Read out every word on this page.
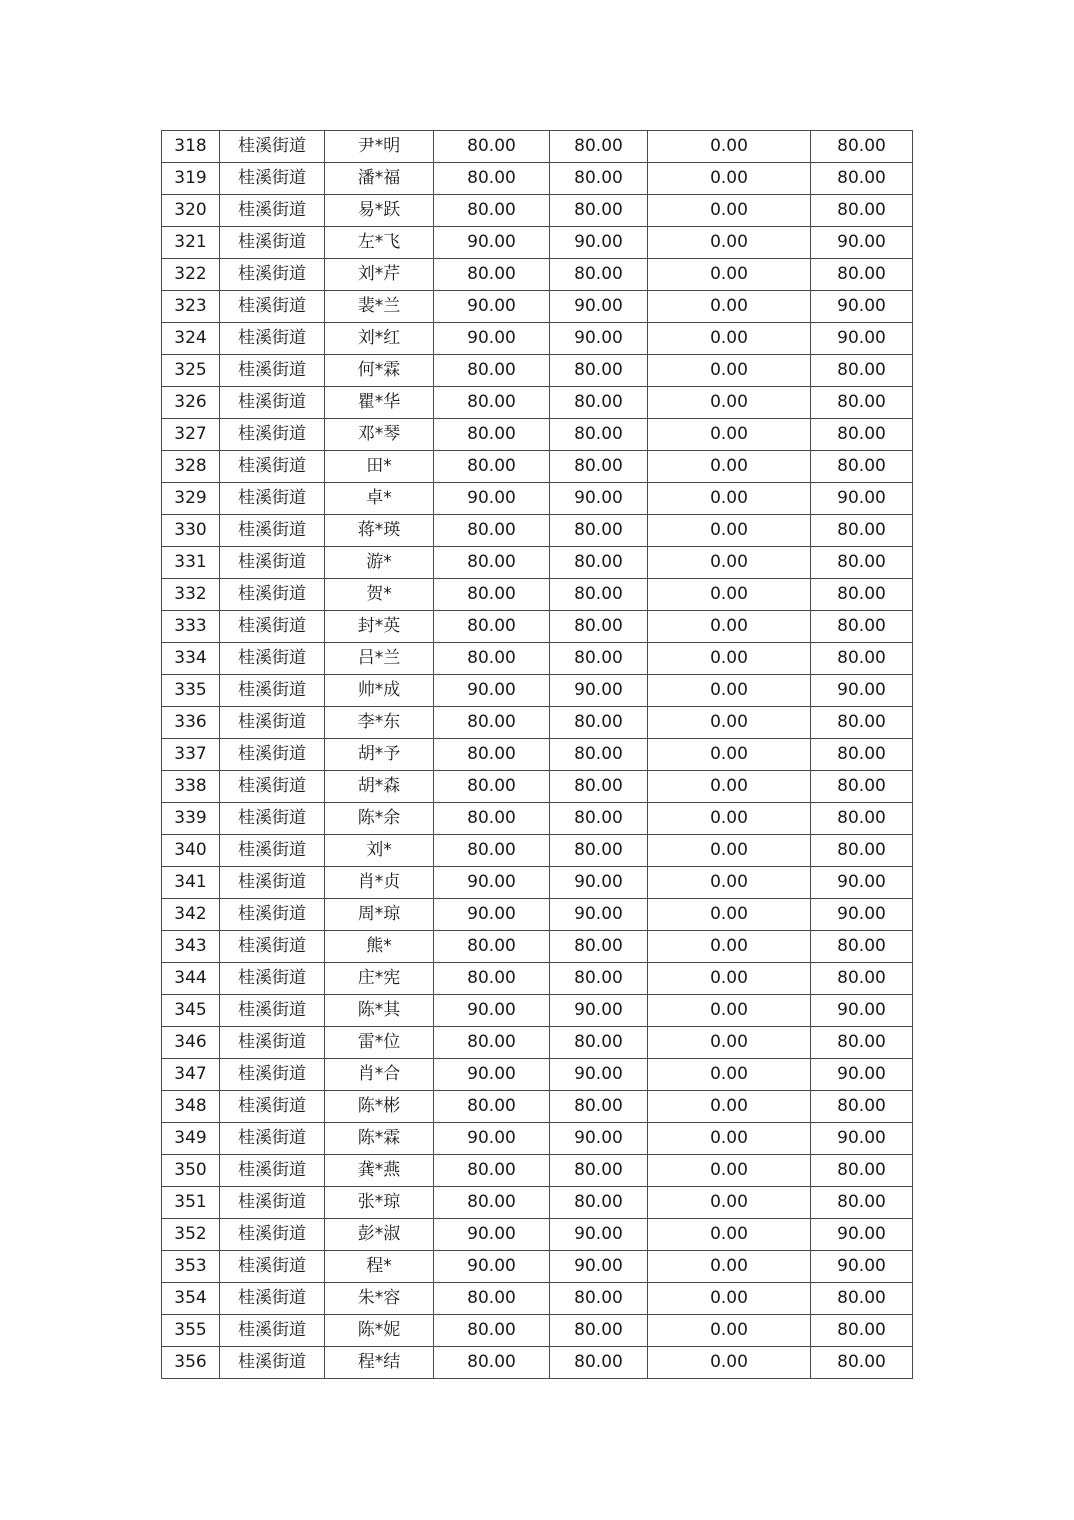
318	桂溪街道	尹*明	80.00	80.00	0.00	80.00
319	桂溪街道	潘*福	80.00	80.00	0.00	80.00
320	桂溪街道	易*跃	80.00	80.00	0.00	80.00
321	桂溪街道	左*飞	90.00	90.00	0.00	90.00
322	桂溪街道	刘*芹	80.00	80.00	0.00	80.00
323	桂溪街道	裴*兰	90.00	90.00	0.00	90.00
324	桂溪街道	刘*红	90.00	90.00	0.00	90.00
325	桂溪街道	何*霖	80.00	80.00	0.00	80.00
326	桂溪街道	瞿*华	80.00	80.00	0.00	80.00
327	桂溪街道	邓*琴	80.00	80.00	0.00	80.00
328	桂溪街道	田*	80.00	80.00	0.00	80.00
329	桂溪街道	卓*	90.00	90.00	0.00	90.00
330	桂溪街道	蒋*瑛	80.00	80.00	0.00	80.00
331	桂溪街道	游*	80.00	80.00	0.00	80.00
332	桂溪街道	贺*	80.00	80.00	0.00	80.00
333	桂溪街道	封*英	80.00	80.00	0.00	80.00
334	桂溪街道	吕*兰	80.00	80.00	0.00	80.00
335	桂溪街道	帅*成	90.00	90.00	0.00	90.00
336	桂溪街道	李*东	80.00	80.00	0.00	80.00
337	桂溪街道	胡*予	80.00	80.00	0.00	80.00
338	桂溪街道	胡*森	80.00	80.00	0.00	80.00
339	桂溪街道	陈*余	80.00	80.00	0.00	80.00
340	桂溪街道	刘*	80.00	80.00	0.00	80.00
341	桂溪街道	肖*贞	90.00	90.00	0.00	90.00
342	桂溪街道	周*琼	90.00	90.00	0.00	90.00
343	桂溪街道	熊*	80.00	80.00	0.00	80.00
344	桂溪街道	庄*宪	80.00	80.00	0.00	80.00
345	桂溪街道	陈*其	90.00	90.00	0.00	90.00
346	桂溪街道	雷*位	80.00	80.00	0.00	80.00
347	桂溪街道	肖*合	90.00	90.00	0.00	90.00
348	桂溪街道	陈*彬	80.00	80.00	0.00	80.00
349	桂溪街道	陈*霖	90.00	90.00	0.00	90.00
350	桂溪街道	龚*燕	80.00	80.00	0.00	80.00
351	桂溪街道	张*琼	80.00	80.00	0.00	80.00
352	桂溪街道	彭*淑	90.00	90.00	0.00	90.00
353	桂溪街道	程*	90.00	90.00	0.00	90.00
354	桂溪街道	朱*容	80.00	80.00	0.00	80.00
355	桂溪街道	陈*妮	80.00	80.00	0.00	80.00
356	桂溪街道	程*结	80.00	80.00	0.00	80.00
